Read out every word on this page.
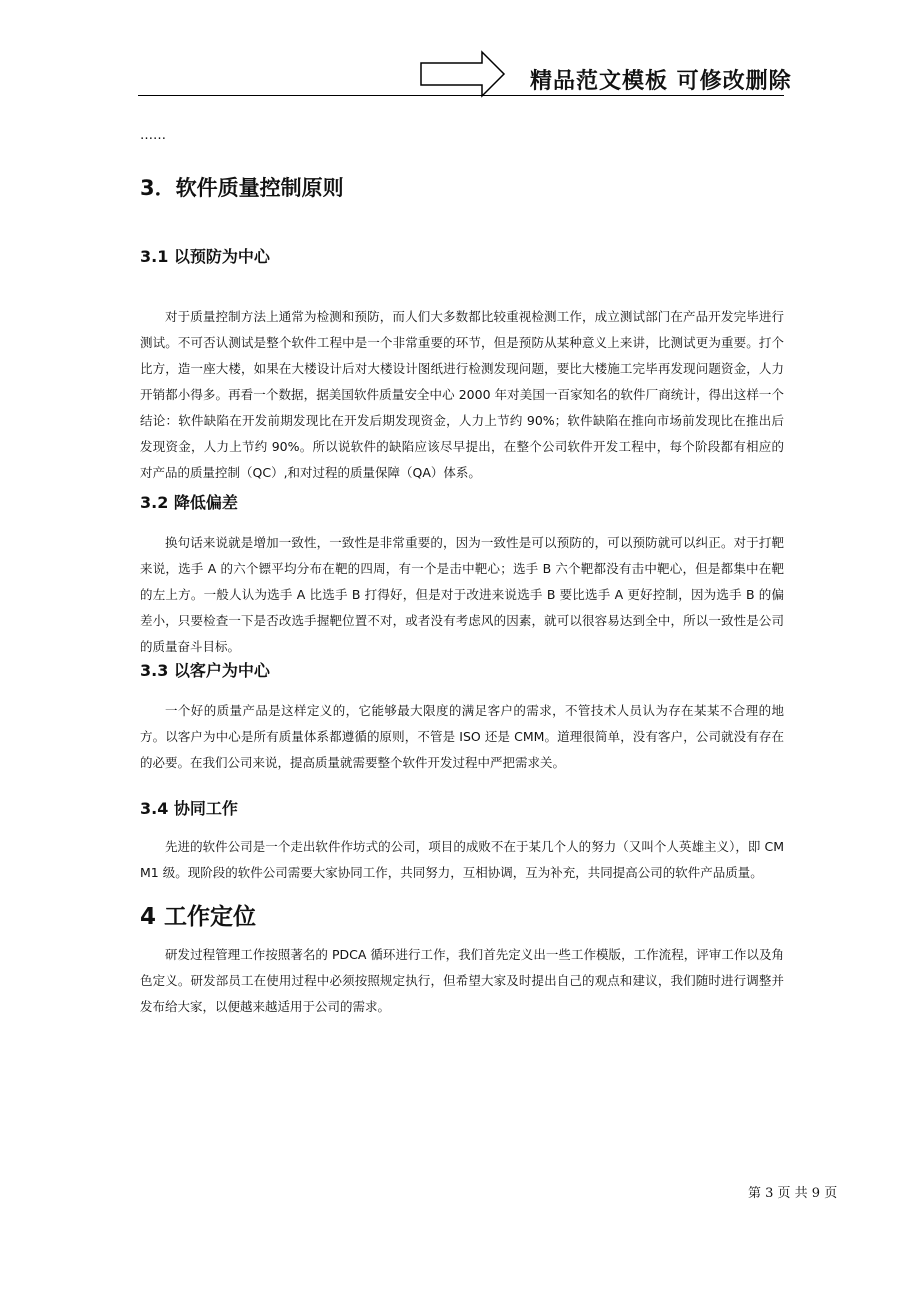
精品范文模板 可修改删除
……
3．软件质量控制原则
3.1 以预防为中心

对于质量控制方法上通常为检测和预防，而人们大多数都比较重视检测工作，成立测试部门在产品开发完毕进行测试。不可否认测试是整个软件工程中是一个非常重要的环节，但是预防从某种意义上来讲，比测试更为重要。打个比方，造一座大楼，如果在大楼设计后对大楼设计图纸进行检测发现问题，要比大楼施工完毕再发现问题资金，人力开销都小得多。再看一个数据，据美国软件质量安全中心 2000 年对美国一百家知名的软件厂商统计，得出这样一个结论：软件缺陷在开发前期发现比在开发后期发现资金，人力上节约 90%；软件缺陷在推向市场前发现比在推出后发现资金，人力上节约 90%。所以说软件的缺陷应该尽早提出，在整个公司软件开发工程中，每个阶段都有相应的对产品的质量控制（QC）,和对过程的质量保障（QA）体系。

3.2 降低偏差

换句话来说就是增加一致性，一致性是非常重要的，因为一致性是可以预防的，可以预防就可以纠正。对于打靶来说，选手 A 的六个镖平均分布在靶的四周，有一个是击中靶心；选手 B 六个靶都没有击中靶心，但是都集中在靶的左上方。一般人认为选手 A 比选手 B 打得好，但是对于改进来说选手 B 要比选手 A 更好控制，因为选手 B 的偏差小，只要检查一下是否改选手握靶位置不对，或者没有考虑风的因素，就可以很容易达到全中，所以一致性是公司的质量奋斗目标。

3.3 以客户为中心

一个好的质量产品是这样定义的，它能够最大限度的满足客户的需求，不管技术人员认为存在某某不合理的地方。以客户为中心是所有质量体系都遵循的原则，不管是 ISO 还是 CMM。道理很简单，没有客户，公司就没有存在的必要。在我们公司来说，提高质量就需要整个软件开发过程中严把需求关。

3.4 协同工作

先进的软件公司是一个走出软件作坊式的公司，项目的成败不在于某几个人的努力（又叫个人英雄主义），即 CMM1 级。现阶段的软件公司需要大家协同工作，共同努力，互相协调，互为补充，共同提高公司的软件产品质量。

4 工作定位

研发过程管理工作按照著名的 PDCA 循环进行工作，我们首先定义出一些工作模版，工作流程，评审工作以及角色定义。研发部员工在使用过程中必须按照规定执行，但希望大家及时提出自己的观点和建议，我们随时进行调整并发布给大家，以便越来越适用于公司的需求。

第 3 页 共 9 页
